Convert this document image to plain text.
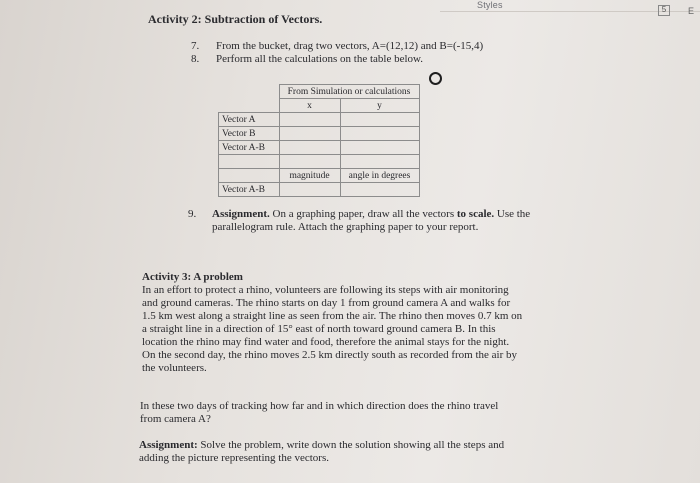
Styles	5	E
Activity 2: Subtraction of Vectors.
7. From the bucket, drag two vectors, A=(12,12) and B=(-15,4)
8. Perform all the calculations on the table below.
	From Simulation or calculations	
	x	y
Vector A		
Vector B		
Vector A-B		

	magnitude	angle in degrees
Vector A-B		
9. Assignment. On a graphing paper, draw all the vectors to scale. Use the
parallelogram rule. Attach the graphing paper to your report.
Activity 3: A problem
In an effort to protect a rhino, volunteers are following its steps with air monitoring
and ground cameras. The rhino starts on day 1 from ground camera A and walks for
1.5 km west along a straight line as seen from the air. The rhino then moves 0.7 km on
a straight line in a direction of 15° east of north toward ground camera B. In this
location the rhino may find water and food, therefore the animal stays for the night.
On the second day, the rhino moves 2.5 km directly south as recorded from the air by
the volunteers.
In these two days of tracking how far and in which direction does the rhino travel
from camera A?
Assignment: Solve the problem, write down the solution showing all the steps and
adding the picture representing the vectors.
